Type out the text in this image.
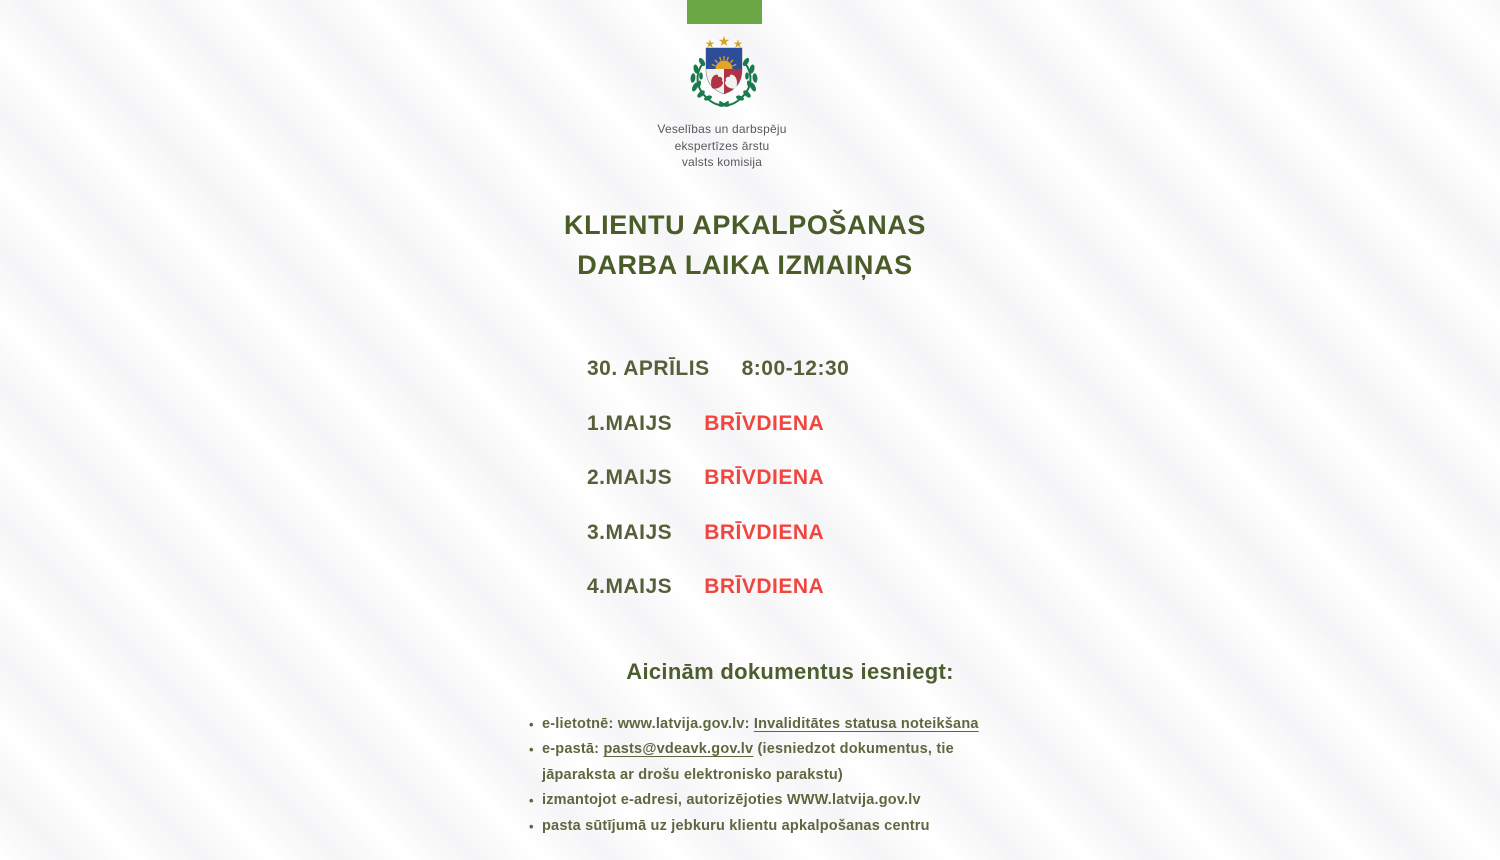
Veselības un darbspēju
ekspertīzes ārstu
valsts komisija
KLIENTU APKALPOŠANAS
DARBA LAIKA IZMAIŅAS
30. APRĪLIS 8:00-12:30
1.MAIJS BRĪVDIENA
2.MAIJS BRĪVDIENA
3.MAIJS BRĪVDIENA
4.MAIJS BRĪVDIENA
Aicinām dokumentus iesniegt:
• e-lietotnē: www.latvija.gov.lv: Invaliditātes statusa noteikšana
• e-pastā: pasts@vdeavk.gov.lv (iesniedzot dokumentus, tie
jāparaksta ar drošu elektronisko parakstu)
• izmantojot e-adresi, autorizējoties WWW.latvija.gov.lv
• pasta sūtījumā uz jebkuru klientu apkalpošanas centru
